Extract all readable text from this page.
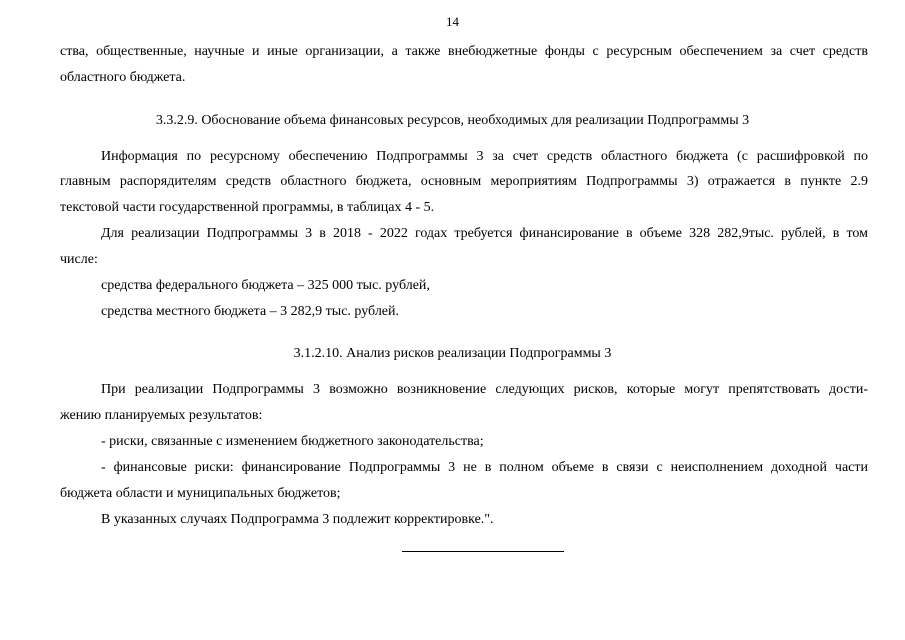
14
ства, общественные, научные и иные организации, а также внебюджетные фонды с ресурсным обеспечением за счет средств
областного бюджета.
3.3.2.9. Обоснование объема финансовых ресурсов, необходимых для реализации Подпрограммы 3
Информация по ресурсному обеспечению Подпрограммы 3 за счет средств областного бюджета (с расшифровкой по
главным распорядителям средств областного бюджета, основным мероприятиям Подпрограммы 3) отражается в пункте 2.9
текстовой части государственной программы, в таблицах 4 - 5.
Для реализации Подпрограммы 3 в 2018 - 2022 годах требуется финансирование в объеме 328 282,9тыс. рублей, в том
числе:
средства федерального бюджета – 325 000 тыс. рублей,
средства местного бюджета – 3 282,9 тыс. рублей.
3.1.2.10. Анализ рисков реализации Подпрограммы 3
При реализации Подпрограммы 3 возможно возникновение следующих рисков, которые могут препятствовать дости-
жению планируемых результатов:
- риски, связанные с изменением бюджетного законодательства;
- финансовые риски: финансирование Подпрограммы 3 не в полном объеме в связи с неисполнением доходной части
бюджета области и муниципальных бюджетов;
В указанных случаях Подпрограмма 3 подлежит корректировке.".
